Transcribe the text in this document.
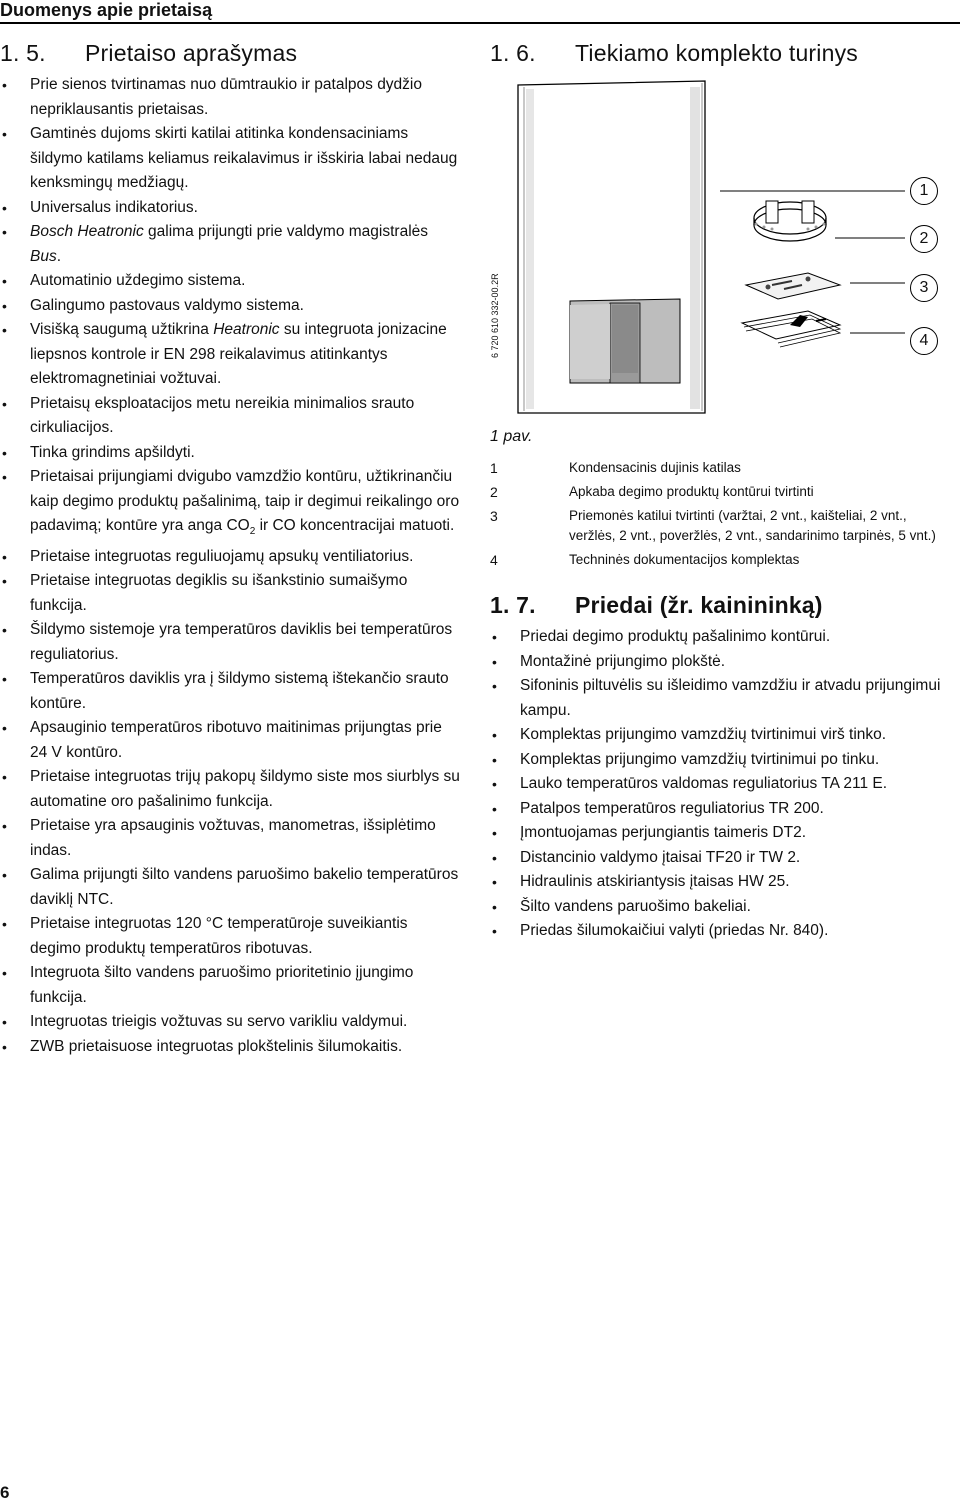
Duomenys apie prietaisą
1. 5.	Prietaiso aprašymas
• Prie sienos tvirtinamas nuo dūmtraukio ir patalpos dydžio nepriklausantis prietaisas.
• Gamtinės dujoms skirti katilai atitinka kondensaciniams šildymo katilams keliamus reikalavimus ir išskiria labai nedaug kenksmingų medžiagų.
• Universalus indikatorius.
• Bosch Heatronic galima prijungti prie valdymo magistralės Bus.
• Automatinio uždegimo sistema.
• Galingumo pastovaus valdymo sistema.
• Visišką saugumą užtikrina Heatronic su integruota jonizacine liepsnos kontrole ir EN 298 reikalavimus atitinkantys elektromagnetiniai vožtuvai.
• Prietaisų eksploatacijos metu nereikia minimalios srauto cirkuliacijos.
• Tinka grindims apšildyti.
• Prietaisai prijungiami dvigubo vamzdžio kontūru, užtikrinančiu kaip degimo produktų pašalinimą, taip ir degimui reikalingo oro padavimą; kontūre yra anga $CO_2$ ir CO koncentracijai matuoti.
• Prietaise integruotas reguliuojamų apsukų ventiliatorius.
• Prietaise integruotas degiklis su išankstinio sumaišymo funkcija.
• Šildymo sistemoje yra temperatūros daviklis bei temperatūros reguliatorius.
• Temperatūros daviklis yra į šildymo sistemą ištekančio srauto kontūre.
• Apsauginio temperatūros ribotuvo maitinimas prijungtas prie 24 V kontūro.
• Prietaise integruotas trijų pakopų šildymo siste mos siurblys su automatine oro pašalinimo funkcija.
• Prietaise yra apsauginis vožtuvas, manometras, išsiplėtimo indas.
• Galima prijungti šilto vandens paruošimo bakelio temperatūros daviklį NTC.
• Prietaise integruotas 120 °C temperatūroje suveikiantis degimo produktų temperatūros ribotuvas.
• Integruota šilto vandens paruošimo prioritetinio įjungimo funkcija.
• Integruotas trieigis vožtuvas su servo varikliu valdymui.
• ZWB prietaisuose integruotas plokštelinis šilumokaitis.
1. 6.	Tiekiamo komplekto turinys
6 720 610 332-00.2R
1
2
3
4
1 pav.
1	Kondensacinis dujinis katilas
2	Apkaba degimo produktų kontūrui tvirtinti
3	Priemonės katilui tvirtinti (varžtai, 2 vnt., kaišteliai, 2 vnt., veržlės, 2 vnt., poveržlės, 2 vnt., sandarinimo tarpinės, 5 vnt.)
4	Techninės dokumentacijos komplektas
1. 7.	Priedai (žr. kainininką)
• Priedai degimo produktų pašalinimo kontūrui.
• Montažinė prijungimo plokštė.
• Sifoninis piltuvėlis su išleidimo vamzdžiu ir atvadu prijungimui kampu.
• Komplektas prijungimo vamzdžių tvirtinimui virš tinko.
• Komplektas prijungimo vamzdžių tvirtinimui po tinku.
• Lauko temperatūros valdomas reguliatorius TA 211 E.
• Patalpos temperatūros reguliatorius TR 200.
• Įmontuojamas perjungiantis taimeris DT2.
• Distancinio valdymo įtaisai TF20 ir TW 2.
• Hidraulinis atskiriantysis įtaisas HW 25.
• Šilto vandens paruošimo bakeliai.
• Priedas šilumokaičiui valyti (priedas Nr. 840).
6
